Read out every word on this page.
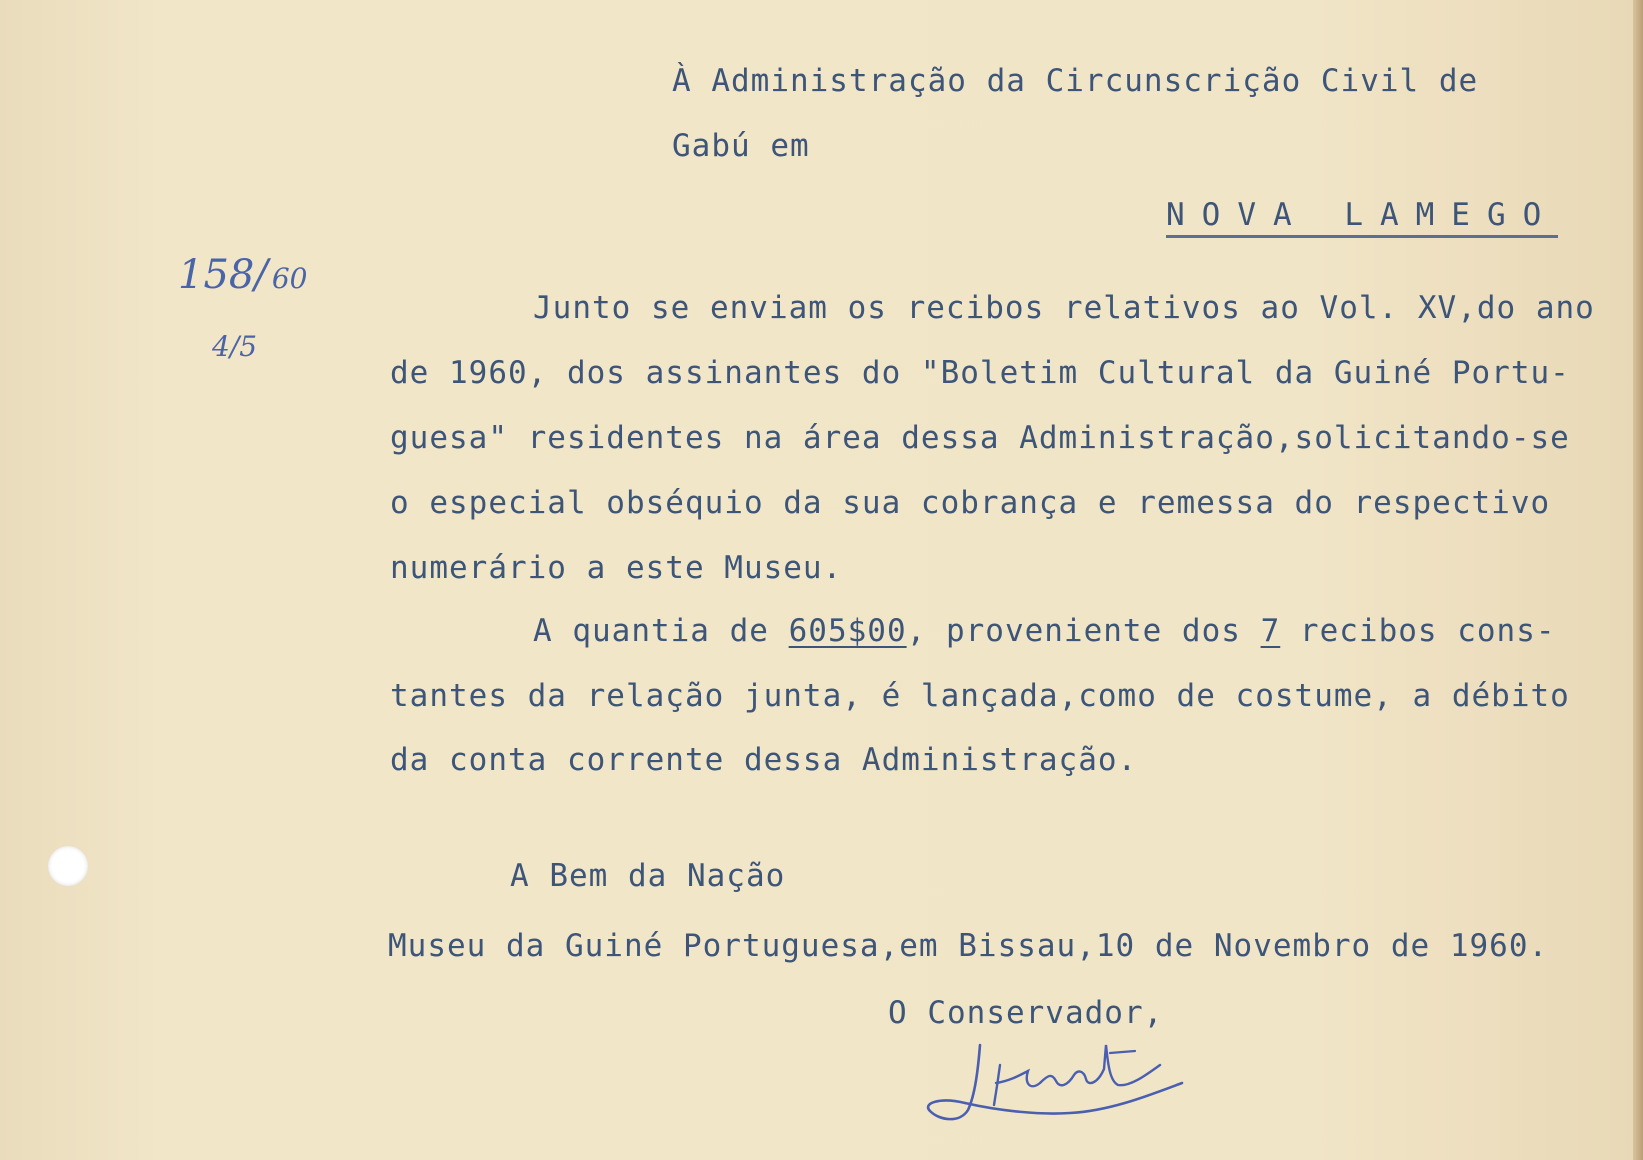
À Administração da Circunscrição Civil de
Gabú em
NOVA LAMEGO
158/ 60
4/5
Junto se enviam os recibos relativos ao Vol. XV,do ano
de 1960, dos assinantes do "Boletim Cultural da Guiné Portu-
guesa" residentes na área dessa Administração,solicitando-se
o especial obséquio da sua cobrança e remessa do respectivo
numerário a este Museu.
A quantia de 605$00, proveniente dos 7 recibos cons-
tantes da relação junta, é lançada,como de costume, a débito
da conta corrente dessa Administração.
A Bem da Nação
Museu da Guiné Portuguesa,em Bissau,10 de Novembro de 1960.
O Conservador,
